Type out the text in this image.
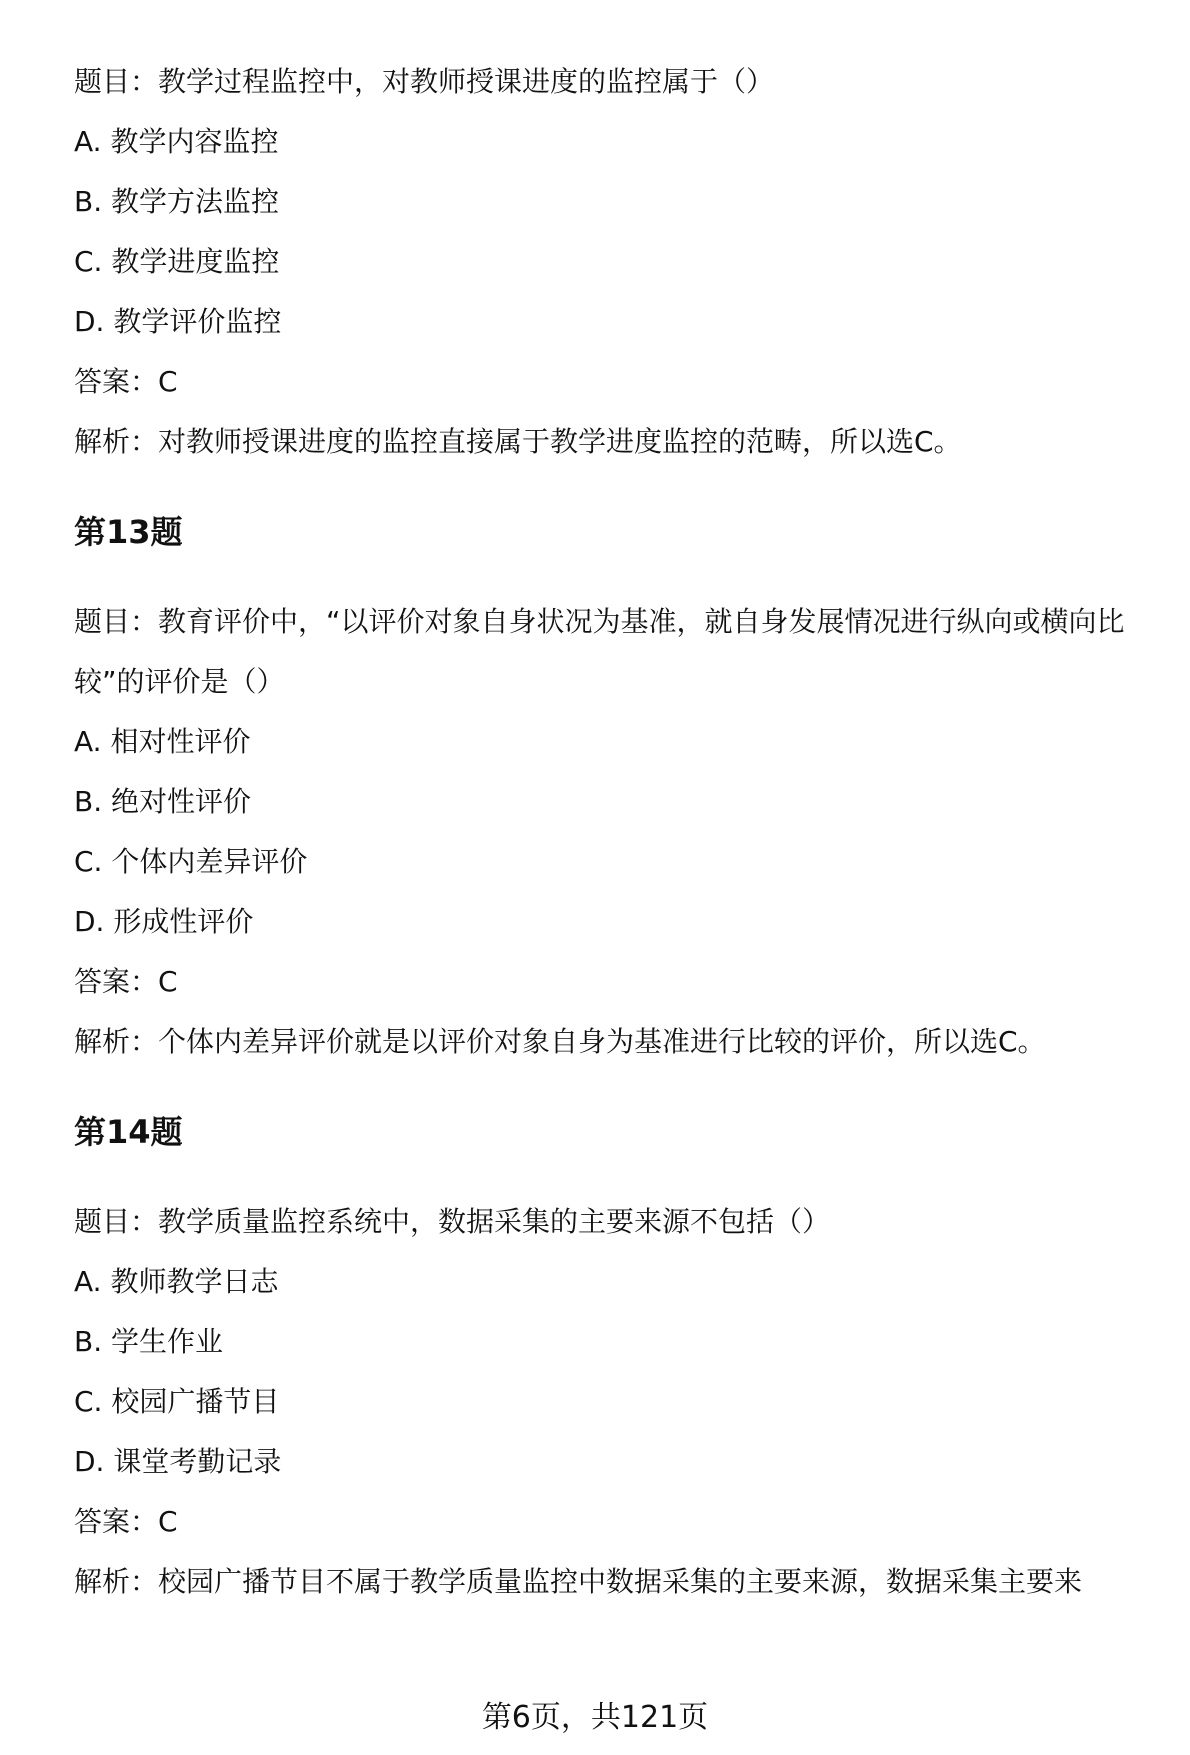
题目：教学过程监控中，对教师授课进度的监控属于（）

A. 教学内容监控

B. 教学方法监控

C. 教学进度监控

D. 教学评价监控

答案：C

解析：对教师授课进度的监控直接属于教学进度监控的范畴，所以选C。

第13题

题目：教育评价中，“以评价对象自身状况为基准，就自身发展情况进行纵向或横向比较”的评价是（）

A. 相对性评价

B. 绝对性评价

C. 个体内差异评价

D. 形成性评价

答案：C

解析：个体内差异评价就是以评价对象自身为基准进行比较的评价，所以选C。

第14题

题目：教学质量监控系统中，数据采集的主要来源不包括（）

A. 教师教学日志

B. 学生作业

C. 校园广播节目

D. 课堂考勤记录

答案：C

解析：校园广播节目不属于教学质量监控中数据采集的主要来源，数据采集主要来

第6页，共121页
